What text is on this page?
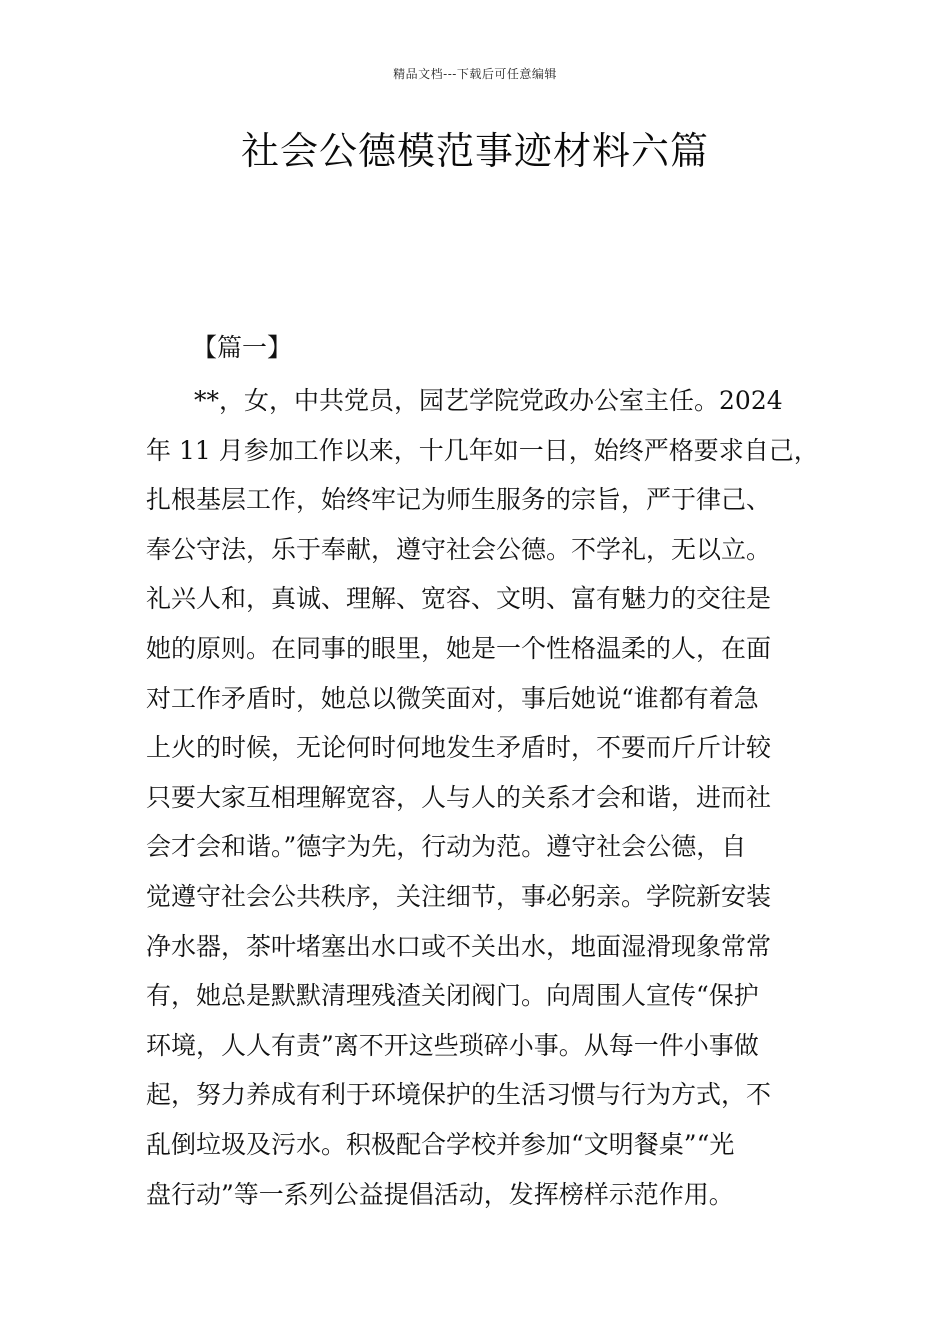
精品文档---下载后可任意编辑
社会公德模范事迹材料六篇
【篇一】
**，女，中共党员，园艺学院党政办公室主任。2024
年 11 月参加工作以来，十几年如一日，始终严格要求自己，
扎根基层工作，始终牢记为师生服务的宗旨，严于律己、
奉公守法，乐于奉献，遵守社会公德。不学礼，无以立。
礼兴人和，真诚、理解、宽容、文明、富有魅力的交往是
她的原则。在同事的眼里，她是一个性格温柔的人，在面
对工作矛盾时，她总以微笑面对，事后她说“谁都有着急
上火的时候，无论何时何地发生矛盾时，不要而斤斤计较
只要大家互相理解宽容，人与人的关系才会和谐，进而社
会才会和谐。”德字为先，行动为范。遵守社会公德，自
觉遵守社会公共秩序，关注细节，事必躬亲。学院新安装
净水器，茶叶堵塞出水口或不关出水，地面湿滑现象常常
有，她总是默默清理残渣关闭阀门。向周围人宣传“保护
环境，人人有责”离不开这些琐碎小事。从每一件小事做
起，努力养成有利于环境保护的生活习惯与行为方式，不
乱倒垃圾及污水。积极配合学校并参加“文明餐桌”“光
盘行动”等一系列公益提倡活动，发挥榜样示范作用。
